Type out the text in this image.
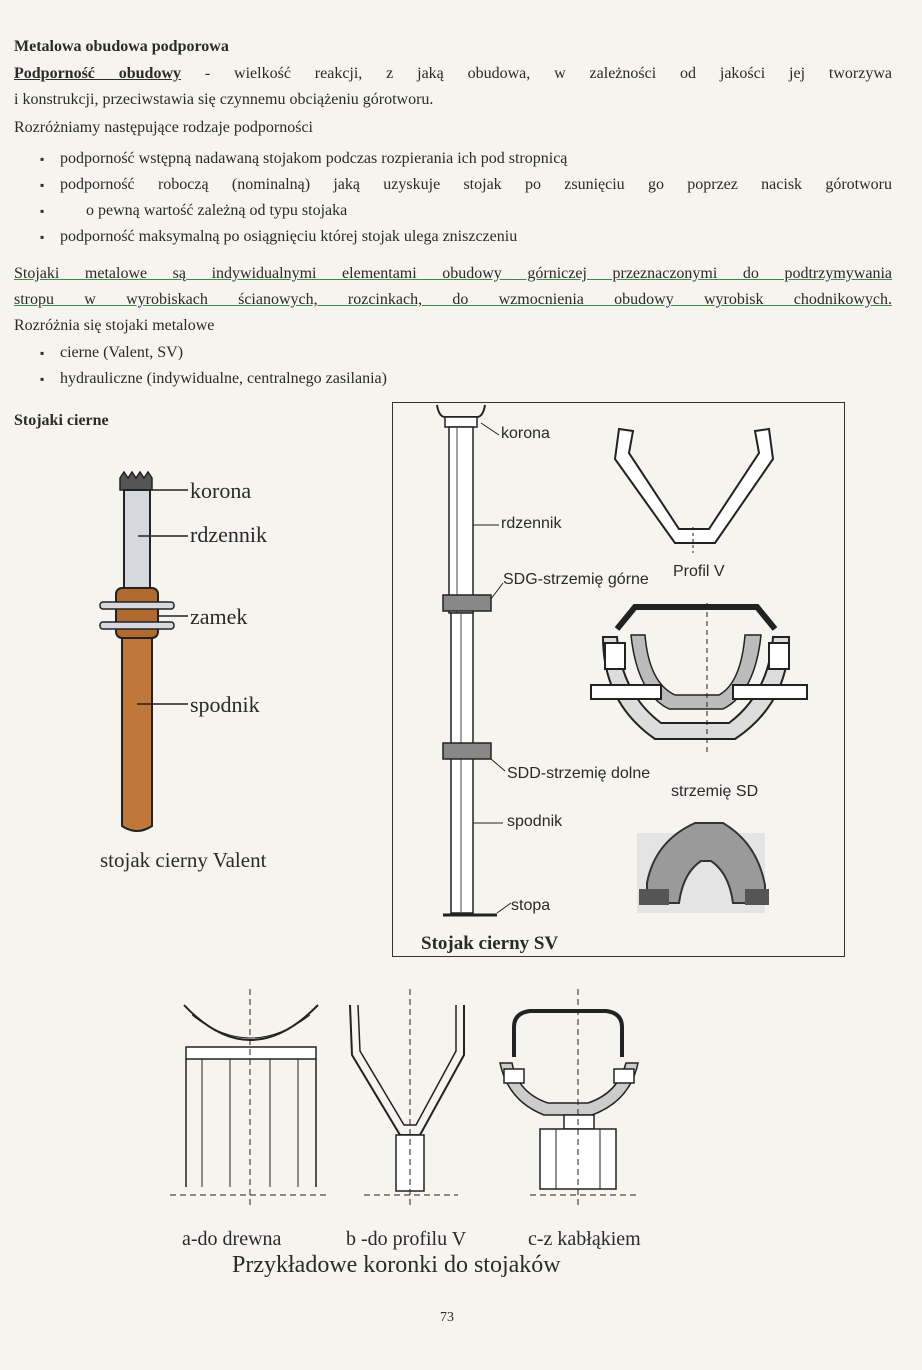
Metalowa obudowa podporowa
Podporność obudowy - wielkość reakcji, z jaką obudowa, w zależności od jakości jej tworzywa
i konstrukcji, przeciwstawia się czynnemu obciążeniu górotworu.
Rozróżniamy następujące rodzaje podporności
▪ podporność wstępną nadawaną stojakom podczas rozpierania ich pod stropnicą
▪ podporność roboczą (nominalną) jaką uzyskuje stojak po zsunięciu go poprzez nacisk górotworu
▪ o pewną wartość zależną od typu stojaka
▪ podporność maksymalną po osiągnięciu której stojak ulega zniszczeniu
Stojaki metalowe są indywidualnymi elementami obudowy górniczej przeznaczonymi do podtrzymywania
stropu w wyrobiskach ścianowych, rozcinkach, do wzmocnienia obudowy wyrobisk chodnikowych.
Rozróżnia się stojaki metalowe
▪ cierne (Valent, SV)
▪ hydrauliczne (indywidualne, centralnego zasilania)
Stojaki cierne
korona
rdzennik
zamek
spodnik
stojak cierny Valent
korona
rdzennik
SDG-strzemię górne Profil V
SDD-strzemię dolne
strzemię SD
spodnik
stopa
Stojak cierny SV
a-do drewna	b -do profilu V	c-z kabłąkiem
Przykładowe koronki do stojaków
73
